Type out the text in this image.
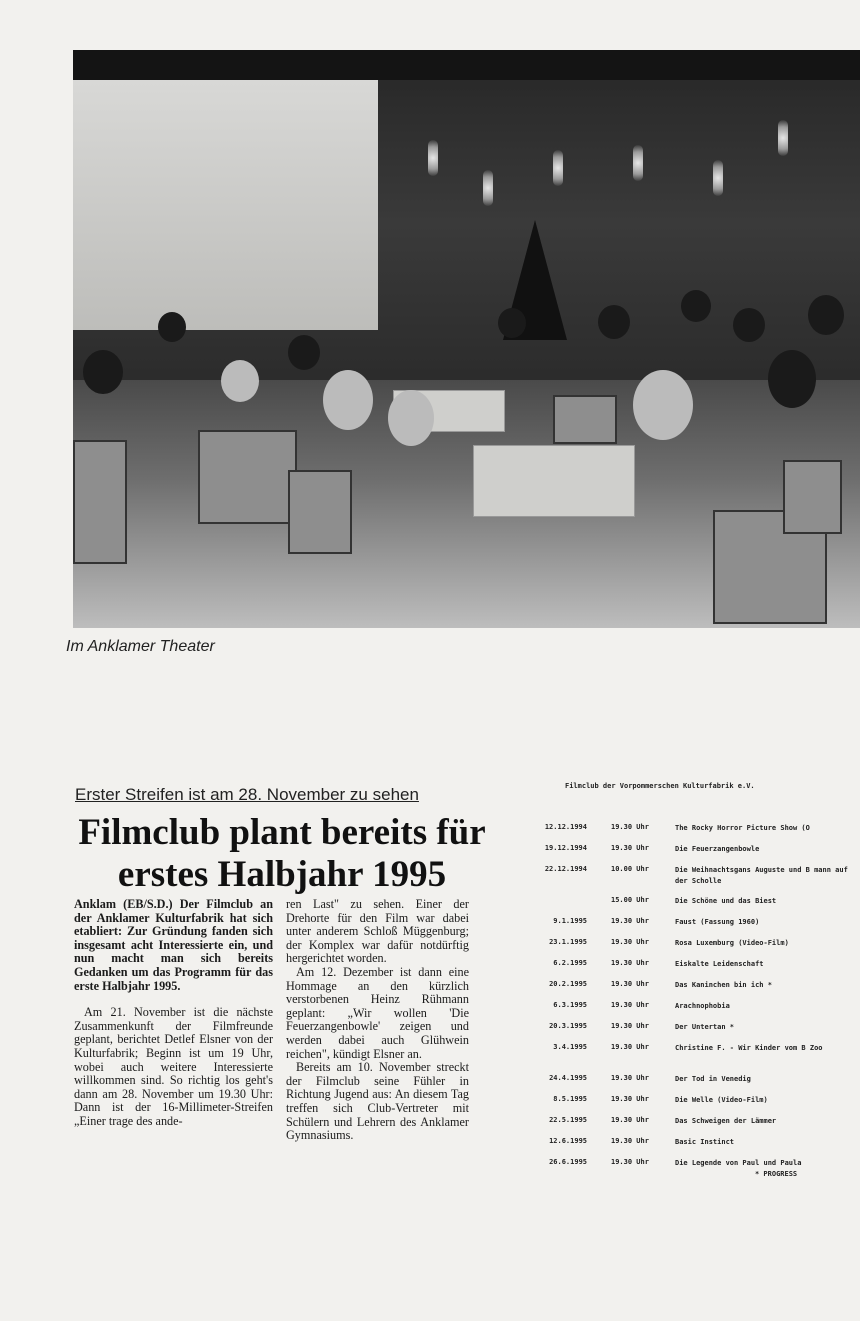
Im Anklamer Theater
Erster Streifen ist am 28. November zu sehen
Filmclub plant bereits für erstes Halbjahr 1995

Anklam (EB/S.D.) Der Filmclub an der Anklamer Kulturfabrik hat sich etabliert: Zur Gründung fanden sich insgesamt acht Interessierte ein, und nun macht man sich bereits Gedanken um das Programm für das erste Halbjahr 1995.

Am 21. November ist die nächste Zusammenkunft der Filmfreunde geplant, berichtet Detlef Elsner von der Kulturfabrik; Beginn ist um 19 Uhr, wobei auch weitere Interessierte willkommen sind. So richtig los geht's dann am 28. November um 19.30 Uhr: Dann ist der 16-Millimeter-Streifen „Einer trage des ande-

ren Last" zu sehen. Einer der Drehorte für den Film war dabei unter anderem Schloß Müggenburg; der Komplex war dafür notdürftig hergerichtet worden.

Am 12. Dezember ist dann eine Hommage an den kürzlich verstorbenen Heinz Rühmann geplant: „Wir wollen 'Die Feuerzangenbowle' zeigen und werden dabei auch Glühwein reichen", kündigt Elsner an.

Bereits am 10. November streckt der Filmclub seine Fühler in Richtung Jugend aus: An diesem Tag treffen sich Club-Vertreter mit Schülern und Lehrern des Anklamer Gymnasiums.

Filmclub der Vorpommerschen Kulturfabrik e.V.
12.12.1994	19.30 Uhr	The Rocky Horror Picture Show (O
19.12.1994	19.30 Uhr	Die Feuerzangenbowle
22.12.1994	10.00 Uhr	Die Weihnachtsgans Auguste und B mann auf der Scholle
15.00 Uhr	Die Schöne und das Biest
9.1.1995	19.30 Uhr	Faust (Fassung 1960)
23.1.1995	19.30 Uhr	Rosa Luxemburg (Video-Film)
6.2.1995	19.30 Uhr	Eiskalte Leidenschaft
20.2.1995	19.30 Uhr	Das Kaninchen bin ich *
6.3.1995	19.30 Uhr	Arachnophobia
20.3.1995	19.30 Uhr	Der Untertan *
3.4.1995	19.30 Uhr	Christine F. - Wir Kinder vom B Zoo
24.4.1995	19.30 Uhr	Der Tod in Venedig
8.5.1995	19.30 Uhr	Die Welle (Video-Film)
22.5.1995	19.30 Uhr	Das Schweigen der Lämmer
12.6.1995	19.30 Uhr	Basic Instinct
26.6.1995	19.30 Uhr	Die Legende von Paul und Paula
* PROGRESS
